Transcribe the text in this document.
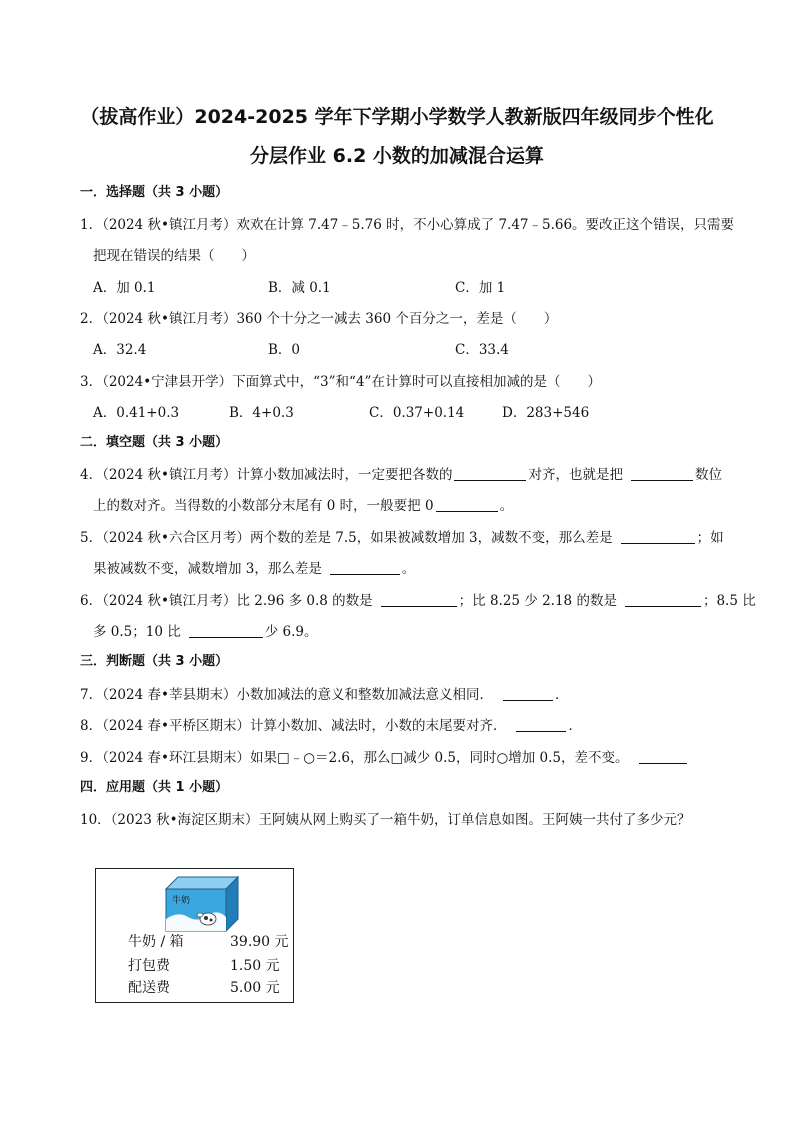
（拔高作业）2024-2025 学年下学期小学数学人教新版四年级同步个性化
分层作业 6.2 小数的加减混合运算
一．选择题（共 3 小题）
1．（2024 秋•镇江月考）欢欢在计算 7.47﹣5.76 时，不小心算成了 7.47﹣5.66。要改正这个错误，只需要
把现在错误的结果（　　）
A．加 0.1	B．减 0.1	C．加 1
2．（2024 秋•镇江月考）360 个十分之一减去 360 个百分之一，差是（　　）
A．32.4	B．0	C．33.4
3．（2024•宁津县开学）下面算式中，“3”和“4”在计算时可以直接相加减的是（　　）
A．0.41+0.3	B．4+0.3	C．0.37+0.14	D．283+546
二．填空题（共 3 小题）
4．（2024 秋•镇江月考）计算小数加减法时，一定要把各数的	对齐，也就是把	数位
上的数对齐。当得数的小数部分末尾有 0 时，一般要把 0	。
5．（2024 秋•六合区月考）两个数的差是 7.5，如果被减数增加 3，减数不变，那么差是	；如
果被减数不变，减数增加 3，那么差是	。
6．（2024 秋•镇江月考）比 2.96 多 0.8 的数是	；比 8.25 少 2.18 的数是	；8.5 比
多 0.5；10 比	少 6.9。
三．判断题（共 3 小题）
7．（2024 春•莘县期末）小数加减法的意义和整数加减法意义相同．	．
8．（2024 春•平桥区期末）计算小数加、减法时，小数的末尾要对齐．	．
9．（2024 春•环江县期末）如果□﹣○＝2.6，那么□减少 0.5，同时○增加 0.5，差不变。
四．应用题（共 1 小题）
10．（2023 秋•海淀区期末）王阿姨从网上购买了一箱牛奶，订单信息如图。王阿姨一共付了多少元？
牛奶
牛奶 / 箱	39.90 元
打包费	1.50 元
配送费	5.00 元
